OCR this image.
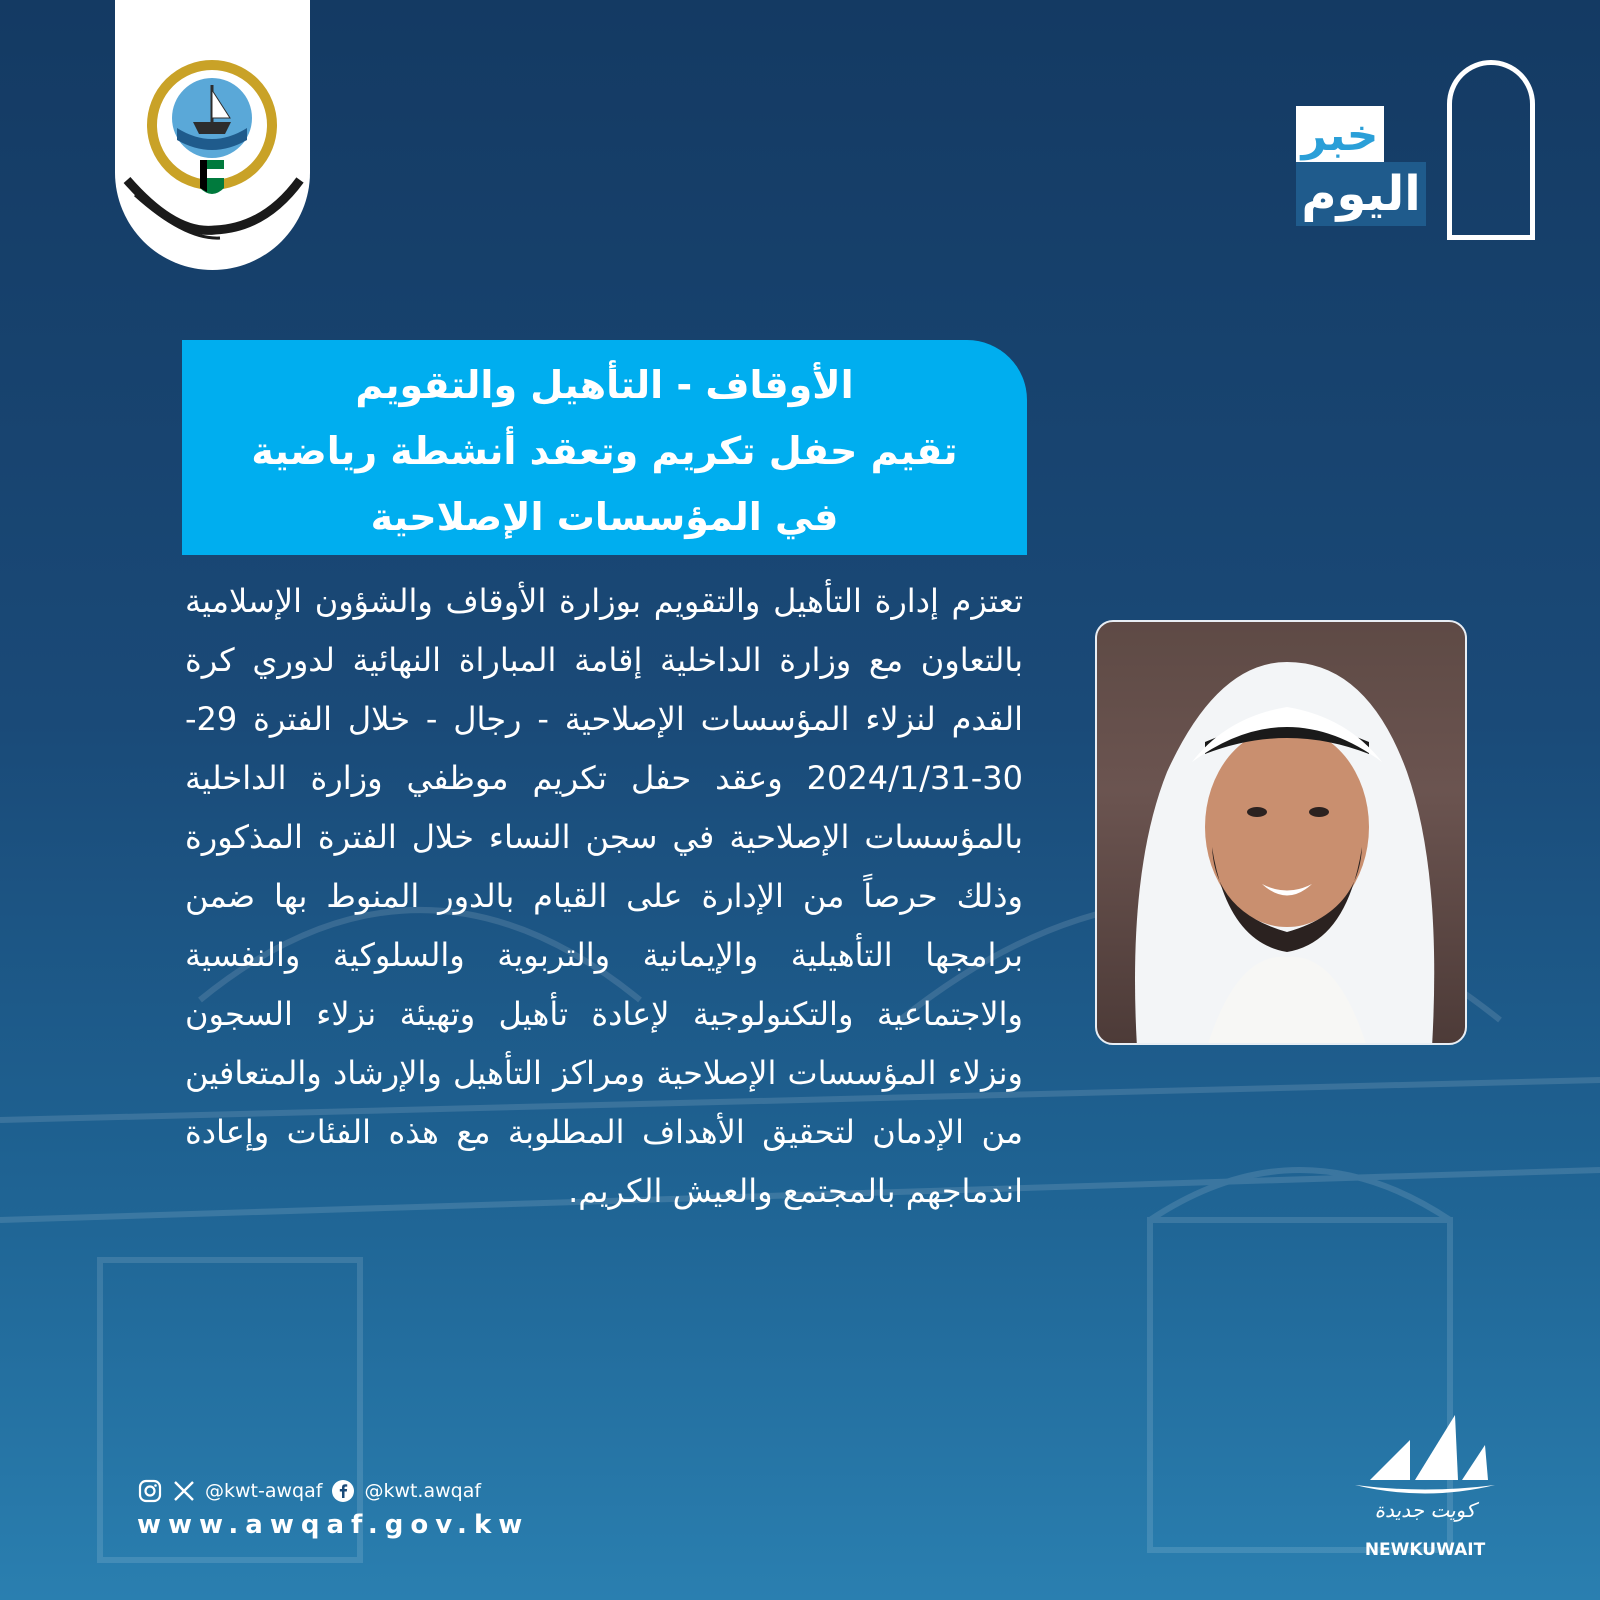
خبر
اليوم
الأوقاف - التأهيل والتقويم
تقيم حفل تكريم وتعقد أنشطة رياضية
في المؤسسات الإصلاحية

تعتزم إدارة التأهيل والتقويم بوزارة الأوقاف والشؤون الإسلامية بالتعاون مع وزارة الداخلية إقامة المباراة النهائية لدوري كرة القدم لنزلاء المؤسسات الإصلاحية - رجال - خلال الفترة 29-30-2024/1/31 وعقد حفل تكريم موظفي وزارة الداخلية بالمؤسسات الإصلاحية في سجن النساء خلال الفترة المذكورة وذلك حرصاً من الإدارة على القيام بالدور المنوط بها ضمن برامجها التأهيلية والإيمانية والتربوية والسلوكية والنفسية والاجتماعية والتكنولوجية لإعادة تأهيل وتهيئة نزلاء السجون ونزلاء المؤسسات الإصلاحية ومراكز التأهيل والإرشاد والمتعافين من الإدمان لتحقيق الأهداف المطلوبة مع هذه الفئات وإعادة اندماجهم بالمجتمع والعيش الكريم.

@kwt-awqaf @kwt.awqaf
www.awqaf.gov.kw	كويت جديدة
NEWKUWAIT
